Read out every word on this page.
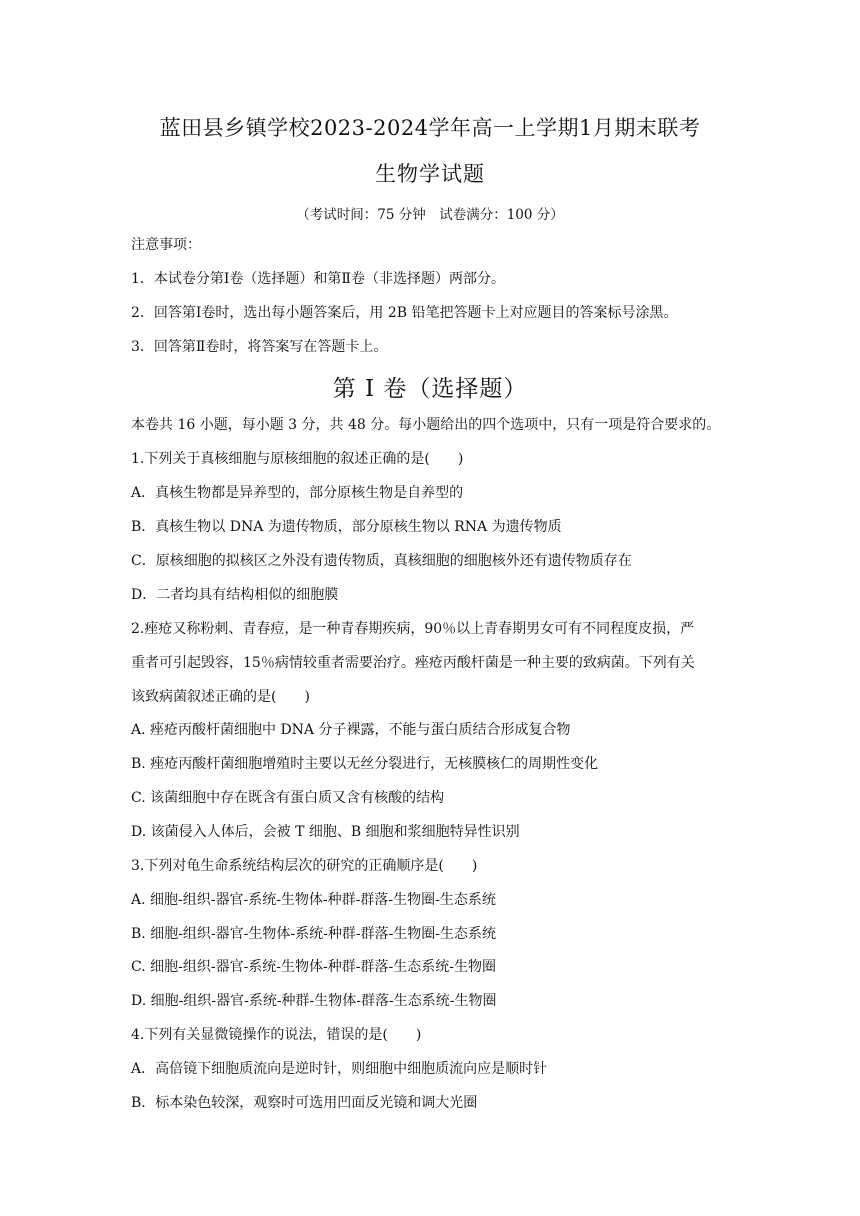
蓝田县乡镇学校2023-2024学年高一上学期1月期末联考
生物学试题
（考试时间：75 分钟　试卷满分：100 分）
注意事项：
1．本试卷分第Ⅰ卷（选择题）和第Ⅱ卷（非选择题）两部分。
2．回答第Ⅰ卷时，选出每小题答案后，用 2B 铅笔把答题卡上对应题目的答案标号涂黑。
3．回答第Ⅱ卷时，将答案写在答题卡上。
第 I 卷（选择题）
本卷共 16 小题，每小题 3 分，共 48 分。每小题给出的四个选项中，只有一项是符合要求的。
1.下列关于真核细胞与原核细胞的叙述正确的是(　　)
A．真核生物都是异养型的，部分原核生物是自养型的
B．真核生物以 DNA 为遗传物质，部分原核生物以 RNA 为遗传物质
C．原核细胞的拟核区之外没有遗传物质，真核细胞的细胞核外还有遗传物质存在
D．二者均具有结构相似的细胞膜
2.痤疮又称粉刺、青春痘，是一种青春期疾病，90％以上青春期男女可有不同程度皮损，严
重者可引起毁容，15％病情较重者需要治疗。痤疮丙酸杆菌是一种主要的致病菌。下列有关
该致病菌叙述正确的是(　　)
A. 痤疮丙酸杆菌细胞中 DNA 分子裸露，不能与蛋白质结合形成复合物
B. 痤疮丙酸杆菌细胞增殖时主要以无丝分裂进行，无核膜核仁的周期性变化
C. 该菌细胞中存在既含有蛋白质又含有核酸的结构
D. 该菌侵入人体后，会被 T 细胞、B 细胞和浆细胞特异性识别
3.下列对龟生命系统结构层次的研究的正确顺序是(　　)
A. 细胞-组织-器官-系统-生物体-种群-群落-生物圈-生态系统
B. 细胞-组织-器官-生物体-系统-种群-群落-生物圈-生态系统
C. 细胞-组织-器官-系统-生物体-种群-群落-生态系统-生物圈
D. 细胞-组织-器官-系统-种群-生物体-群落-生态系统-生物圈
4.下列有关显微镜操作的说法，错误的是(　　)
A．高倍镜下细胞质流向是逆时针，则细胞中细胞质流向应是顺时针
B．标本染色较深，观察时可选用凹面反光镜和调大光圈
